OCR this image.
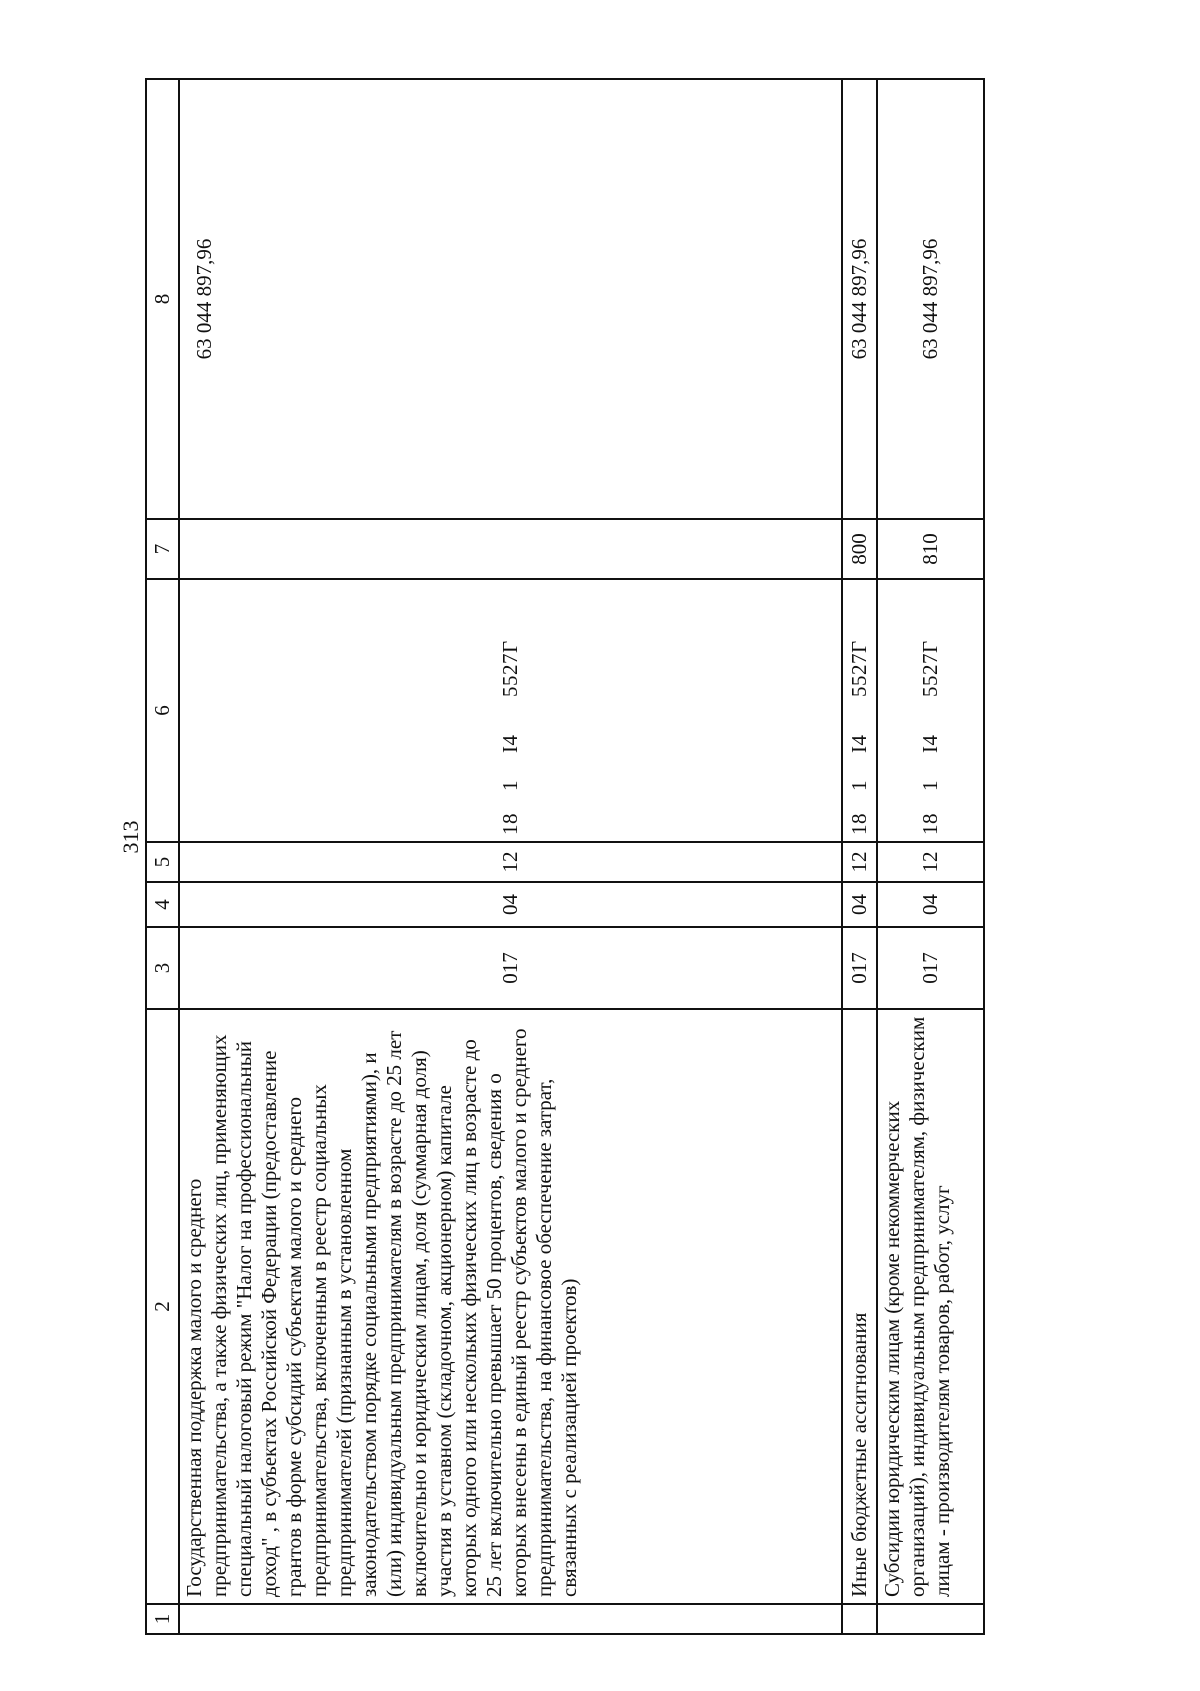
313
1	2	3	4	5	6	7	8
	Государственная поддержка малого и среднего предпринимательства, а также физических лиц, применяющих специальный налоговый режим "Налог на профессиональный доход" , в субъектах Российской Федерации (предоставление грантов в форме субсидий субъектам малого и среднего предпринимательства, включенным в реестр социальных предпринимателей (признанным в установленном законодательством порядке социальными предприятиями), и (или) индивидуальным предпринимателям в возрасте до 25 лет включительно и юридическим лицам, доля (суммарная доля) участия в уставном (складочном, акционерном) капитале которых одного или нескольких физических лиц в возрасте до 25 лет включительно превышает 50 процентов, сведения о которых внесены в единый реестр субъектов малого и среднего предпринимательства, на финансовое обеспечение затрат, связанных с реализацией проектов)	017	04	12	181I45527Г		63 044 897,96
	Иные бюджетные ассигнования	017	04	12	181I45527Г	800	63 044 897,96
	Субсидии юридическим лицам (кроме некоммерческих организаций), индивидуальным предпринимателям, физическим лицам - производителям товаров, работ, услуг	017	04	12	181I45527Г	810	63 044 897,96
